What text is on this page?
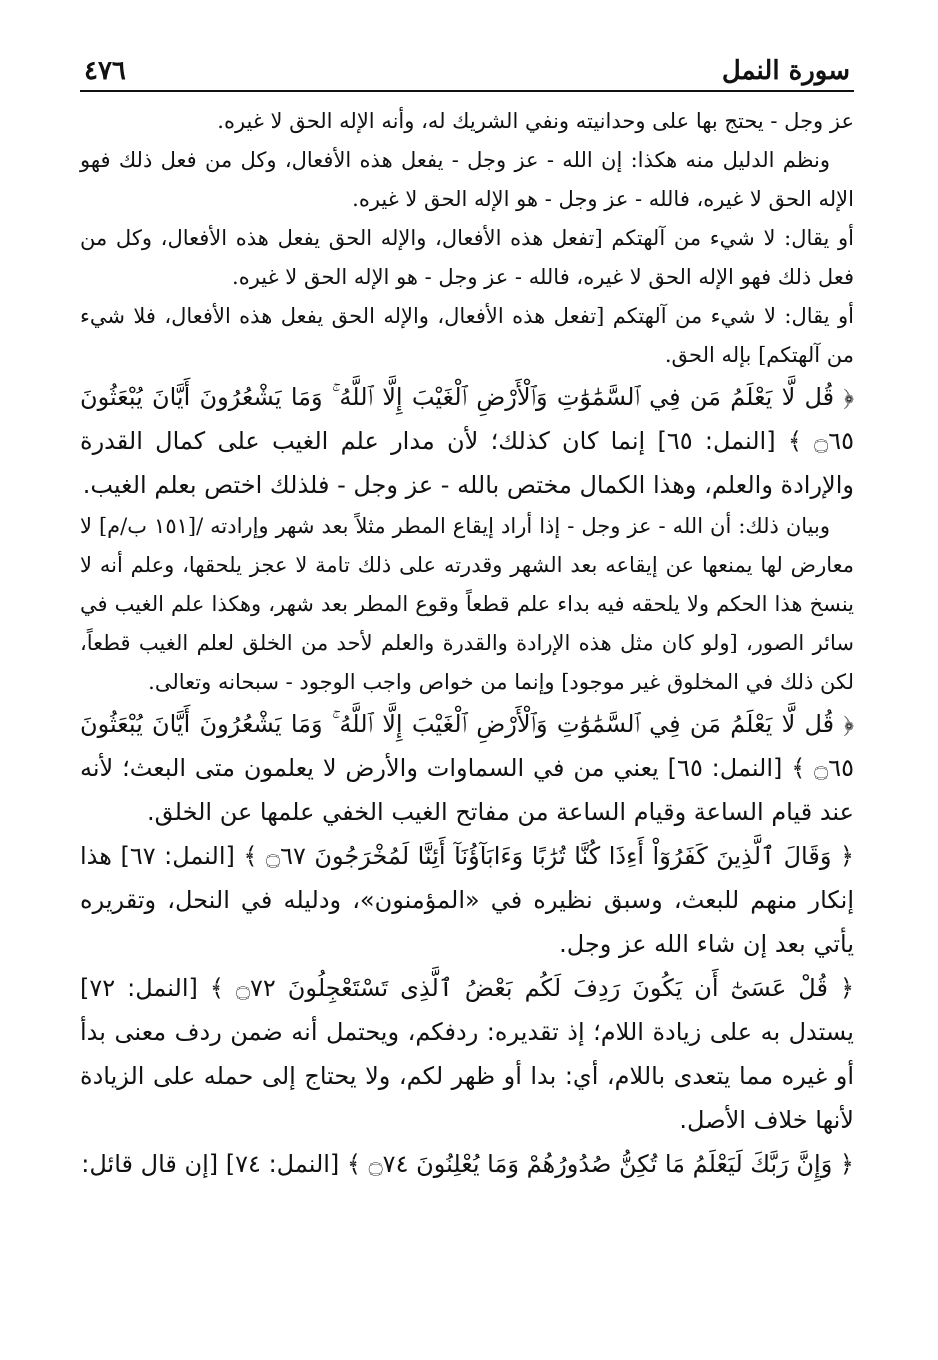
سورة النمل
٤٧٦

عز وجل - يحتج بها على وحدانيته ونفي الشريك له، وأنه الإله الحق لا غيره.

ونظم الدليل منه هكذا: إن الله - عز وجل - يفعل هذه الأفعال، وكل من فعل ذلك فهو الإله الحق لا غيره، فالله - عز وجل - هو الإله الحق لا غيره.

أو يقال: لا شيء من آلهتكم [تفعل هذه الأفعال، والإله الحق يفعل هذه الأفعال، وكل من فعل ذلك فهو الإله الحق لا غيره، فالله - عز وجل - هو الإله الحق لا غيره.

أو يقال: لا شيء من آلهتكم [تفعل هذه الأفعال، والإله الحق يفعل هذه الأفعال، فلا شيء من آلهتكم] بإله الحق.

﴿ قُل لَّا يَعْلَمُ مَن فِي ٱلسَّمَٰوَٰتِ وَٱلْأَرْضِ ٱلْغَيْبَ إِلَّا ٱللَّهُ ۚ وَمَا يَشْعُرُونَ أَيَّانَ يُبْعَثُونَ ۝٦٥ ﴾ [النمل: ٦٥] إنما كان كذلك؛ لأن مدار علم الغيب على كمال القدرة والإرادة والعلم، وهذا الكمال مختص بالله - عز وجل - فلذلك اختص بعلم الغيب.

وبيان ذلك: أن الله - عز وجل - إذا أراد إيقاع المطر مثلاً بعد شهر وإرادته /[١٥١ ب/م] لا معارض لها يمنعها عن إيقاعه بعد الشهر وقدرته على ذلك تامة لا عجز يلحقها، وعلم أنه لا ينسخ هذا الحكم ولا يلحقه فيه بداء علم قطعاً وقوع المطر بعد شهر، وهكذا علم الغيب في سائر الصور، [ولو كان مثل هذه الإرادة والقدرة والعلم لأحد من الخلق لعلم الغيب قطعاً، لكن ذلك في المخلوق غير موجود] وإنما من خواص واجب الوجود - سبحانه وتعالى.

﴿ قُل لَّا يَعْلَمُ مَن فِي ٱلسَّمَٰوَٰتِ وَٱلْأَرْضِ ٱلْغَيْبَ إِلَّا ٱللَّهُ ۚ وَمَا يَشْعُرُونَ أَيَّانَ يُبْعَثُونَ ۝٦٥ ﴾ [النمل: ٦٥] يعني من في السماوات والأرض لا يعلمون متى البعث؛ لأنه عند قيام الساعة وقيام الساعة من مفاتح الغيب الخفي علمها عن الخلق.

﴿ وَقَالَ ٱلَّذِينَ كَفَرُوٓاْ أَءِذَا كُنَّا تُرَٰبًا وَءَابَآؤُنَآ أَئِنَّا لَمُخْرَجُونَ ۝٦٧ ﴾ [النمل: ٦٧] هذا إنكار منهم للبعث، وسبق نظيره في «المؤمنون»، ودليله في النحل، وتقريره يأتي بعد إن شاء الله عز وجل.

﴿ قُلْ عَسَىٰٓ أَن يَكُونَ رَدِفَ لَكُم بَعْضُ ٱلَّذِى تَسْتَعْجِلُونَ ۝٧٢ ﴾ [النمل: ٧٢] يستدل به على زيادة اللام؛ إذ تقديره: ردفكم، ويحتمل أنه ضمن ردف معنى بدأ أو غيره مما يتعدى باللام، أي: بدا أو ظهر لكم، ولا يحتاج إلى حمله على الزيادة لأنها خلاف الأصل.

﴿ وَإِنَّ رَبَّكَ لَيَعْلَمُ مَا تُكِنُّ صُدُورُهُمْ وَمَا يُعْلِنُونَ ۝٧٤ ﴾ [النمل: ٧٤] [إن قال قائل:
